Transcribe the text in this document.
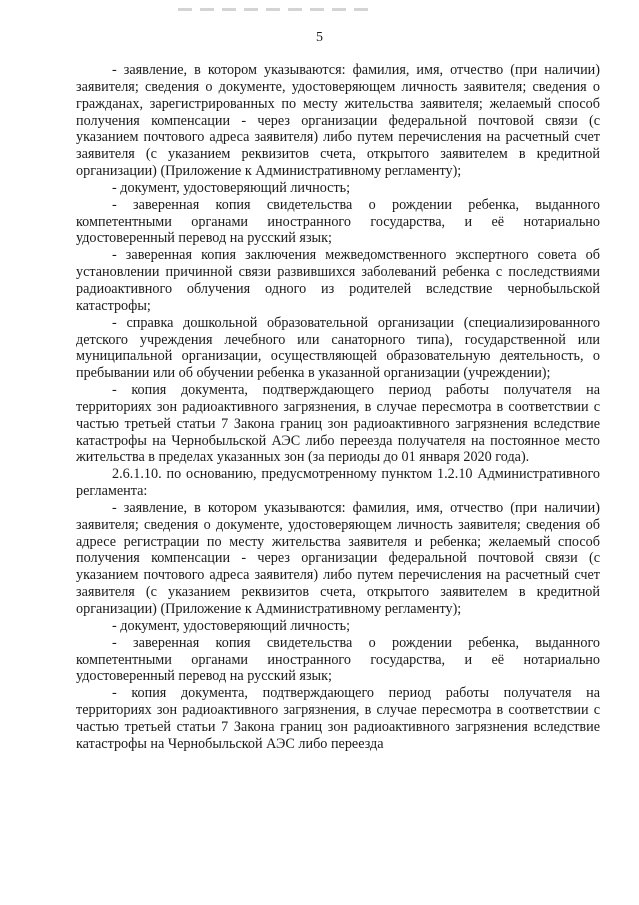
5

- заявление, в котором указываются: фамилия, имя, отчество (при наличии) заявителя; сведения о документе, удостоверяющем личность заявителя; сведения о гражданах, зарегистрированных по месту жительства заявителя; желаемый способ получения компенсации - через организации федеральной почтовой связи (с указанием почтового адреса заявителя) либо путем перечисления на расчетный счет заявителя (с указанием реквизитов счета, открытого заявителем в кредитной организации) (Приложение к Административному регламенту);

- документ, удостоверяющий личность;

- заверенная копия свидетельства о рождении ребенка, выданного компетентными органами иностранного государства, и её нотариально удостоверенный перевод на русский язык;

- заверенная копия заключения межведомственного экспертного совета об установлении причинной связи развившихся заболеваний ребенка с последствиями радиоактивного облучения одного из родителей вследствие чернобыльской катастрофы;

- справка дошкольной образовательной организации (специализированного детского учреждения лечебного или санаторного типа), государственной или муниципальной организации, осуществляющей образовательную деятельность, о пребывании или об обучении ребенка в указанной организации (учреждении);

- копия документа, подтверждающего период работы получателя на территориях зон радиоактивного загрязнения, в случае пересмотра в соответствии с частью третьей статьи 7 Закона границ зон радиоактивного загрязнения вследствие катастрофы на Чернобыльской АЭС либо переезда получателя на постоянное место жительства в пределах указанных зон (за периоды до 01 января 2020 года).

2.6.1.10. по основанию, предусмотренному пунктом 1.2.10 Административного регламента:

- заявление, в котором указываются: фамилия, имя, отчество (при наличии) заявителя; сведения о документе, удостоверяющем личность заявителя; сведения об адресе регистрации по месту жительства заявителя и ребенка; желаемый способ получения компенсации - через организации федеральной почтовой связи (с указанием почтового адреса заявителя) либо путем перечисления на расчетный счет заявителя (с указанием реквизитов счета, открытого заявителем в кредитной организации) (Приложение к Административному регламенту);

- документ, удостоверяющий личность;

- заверенная копия свидетельства о рождении ребенка, выданного компетентными органами иностранного государства, и её нотариально удостоверенный перевод на русский язык;

- копия документа, подтверждающего период работы получателя на территориях зон радиоактивного загрязнения, в случае пересмотра в соответствии с частью третьей статьи 7 Закона границ зон радиоактивного загрязнения вследствие катастрофы на Чернобыльской АЭС либо переезда
